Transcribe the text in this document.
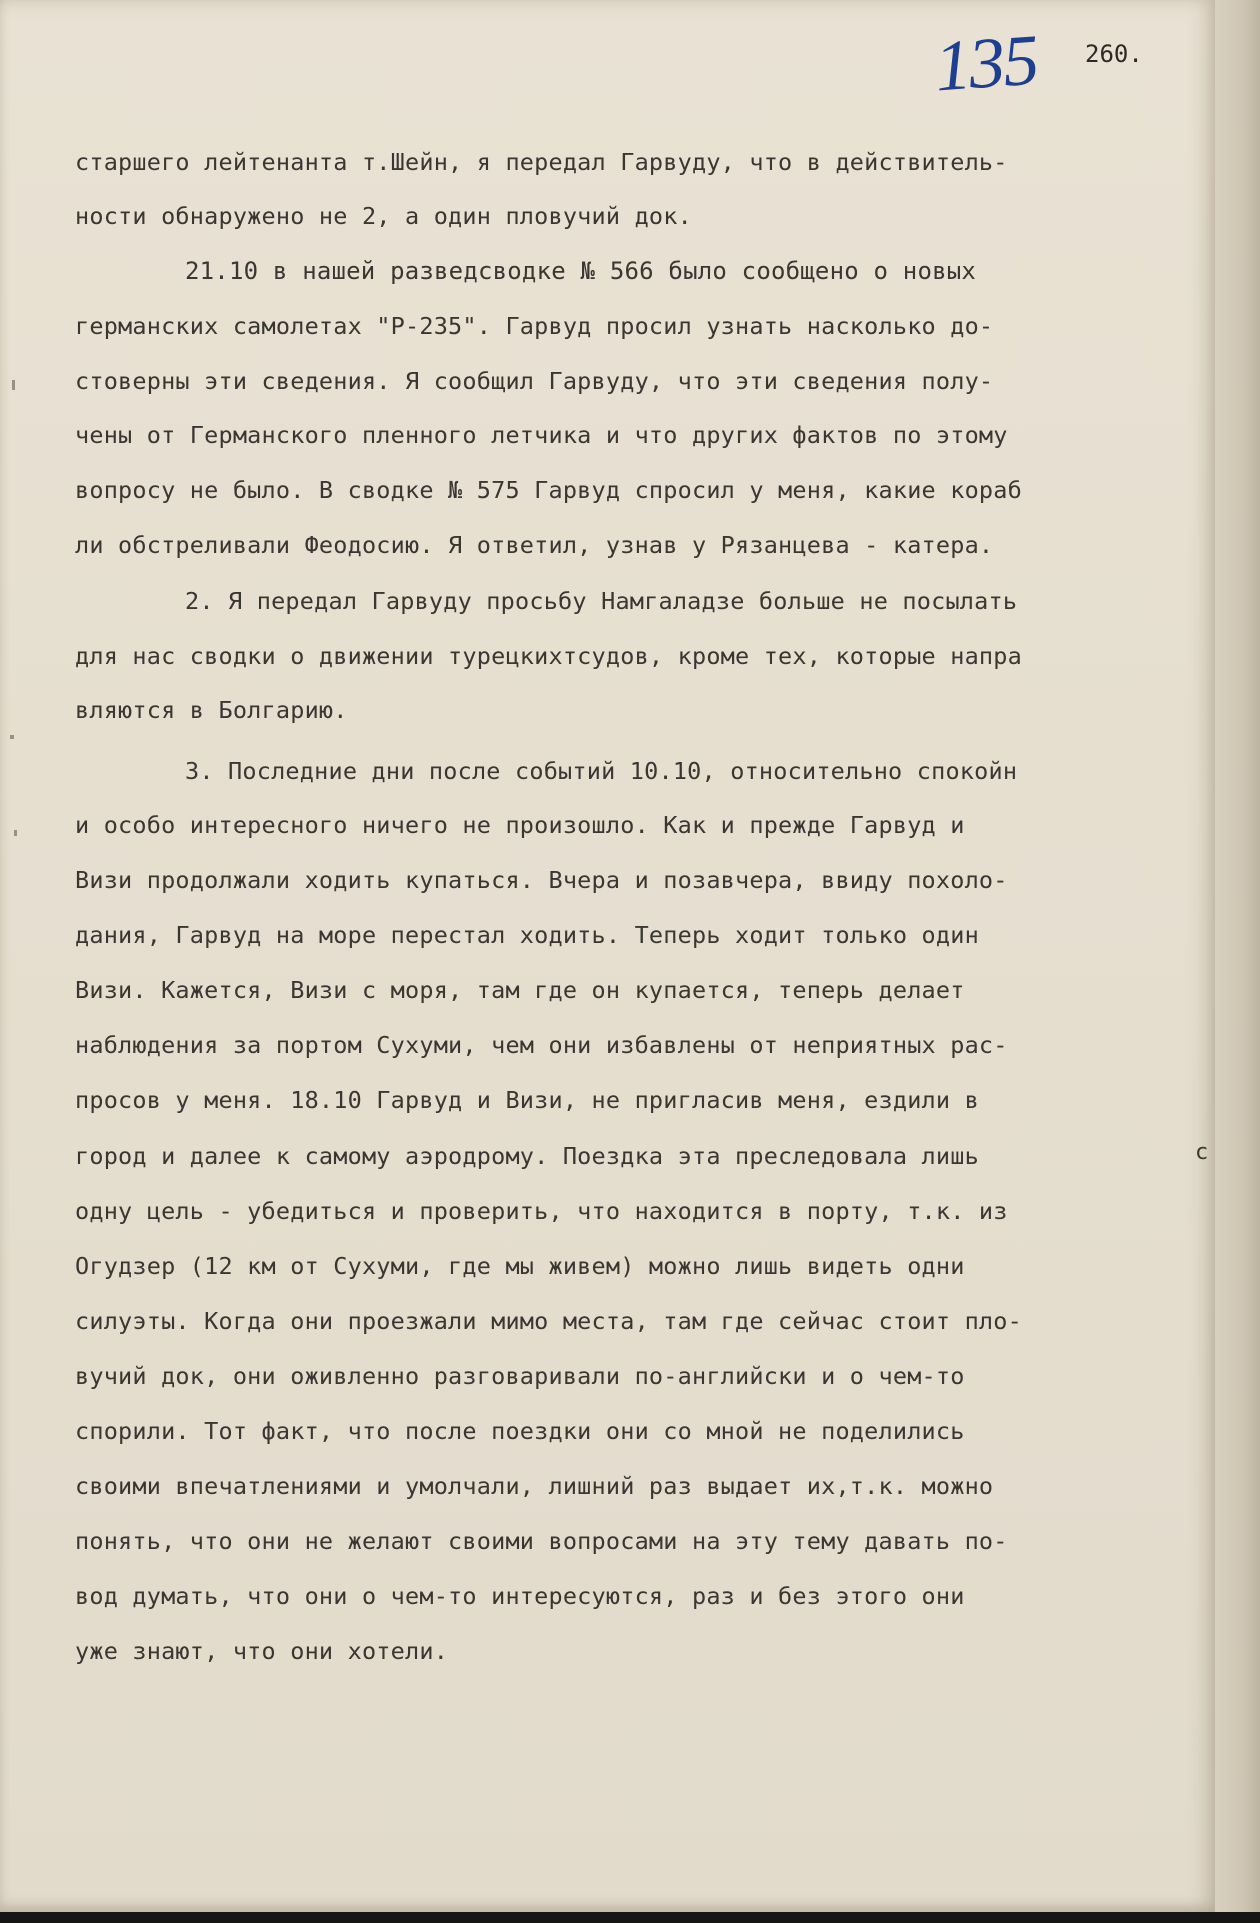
135 260.

старшего лейтенанта т.Шейн, я передал Гарвуду, что в действитель-

ности обнаружено не 2, а один пловучий док.

21.10 в нашей разведсводке № 566 было сообщено о новых

германских самолетах "Р-235". Гарвуд просил узнать насколько до-

стоверны эти сведения. Я сообщил Гарвуду, что эти сведения полу-

чены от Германского пленного летчика и что других фактов по этому

вопросу не было. В сводке № 575 Гарвуд спросил у меня, какие кораб

ли обстреливали Феодосию. Я ответил, узнав у Рязанцева - катера.

2. Я передал Гарвуду просьбу Намгаладзе больше не посылать

для нас сводки о движении турецкихтсудов, кроме тех, которые напра

вляются в Болгарию.

3. Последние дни после событий 10.10, относительно спокойн

и особо интересного ничего не произошло. Как и прежде Гарвуд и

Визи продолжали ходить купаться. Вчера и позавчера, ввиду похоло-

дания, Гарвуд на море перестал ходить. Теперь ходит только один

Визи. Кажется, Визи с моря, там где он купается, теперь делает

наблюдения за портом Сухуми, чем они избавлены от неприятных рас-

просов у меня. 18.10 Гарвуд и Визи, не пригласив меня, ездили в

город и далее к самому аэродрому. Поездка эта преследовала лишь

одну цель - убедиться и проверить, что находится в порту, т.к. из

Огудзер (12 км от Сухуми, где мы живем) можно лишь видеть одни

силуэты. Когда они проезжали мимо места, там где сейчас стоит пло-

вучий док, они оживленно разговаривали по-английски и о чем-то

спорили. Тот факт, что после поездки они со мной не поделились

своими впечатлениями и умолчали, лишний раз выдает их,т.к. можно

понять, что они не желают своими вопросами на эту тему давать по-

вод думать, что они о чем-то интересуются, раз и без этого они

уже знают, что они хотели.

с
